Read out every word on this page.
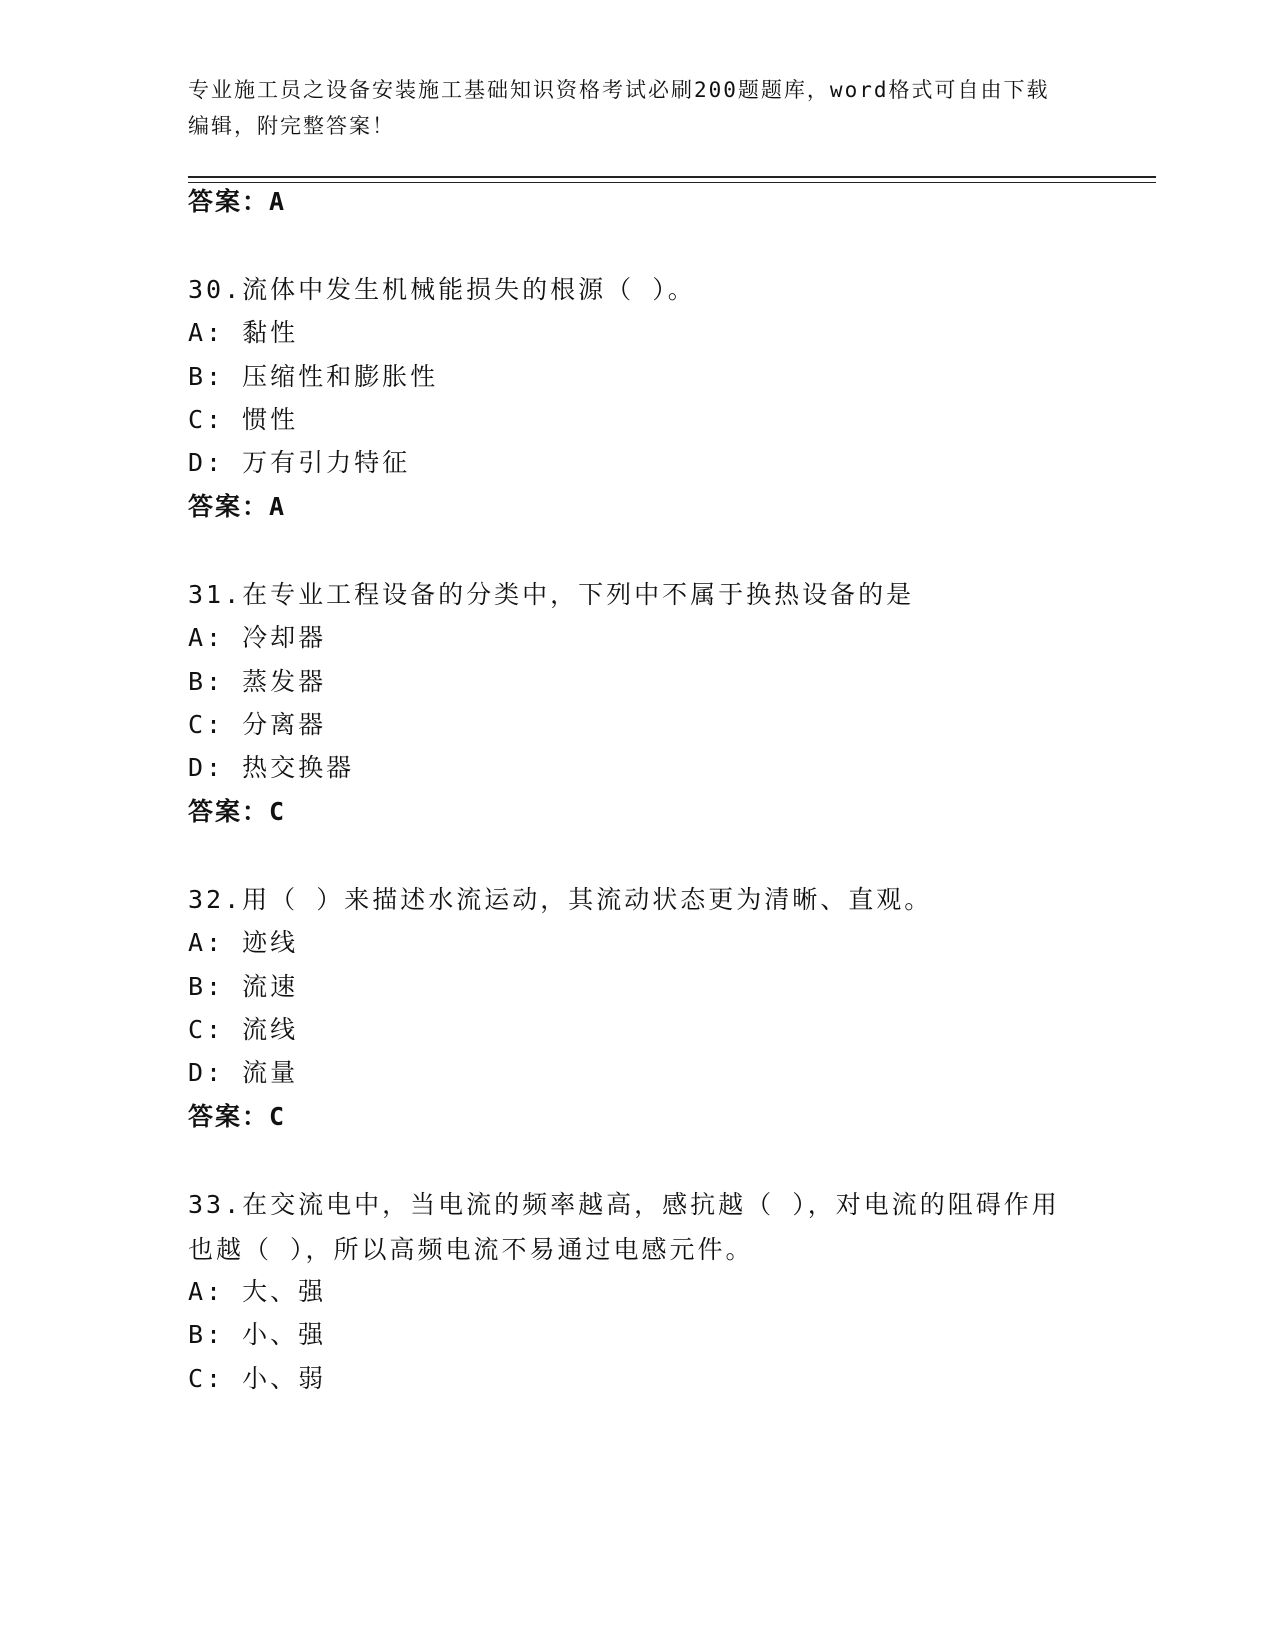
专业施工员之设备安装施工基础知识资格考试必刷200题题库，word格式可自由下载编辑，附完整答案！
答案：A
30.流体中发生机械能损失的根源（ ）。
A: 黏性
B: 压缩性和膨胀性
C: 惯性
D: 万有引力特征
答案：A
31.在专业工程设备的分类中，下列中不属于换热设备的是
A: 冷却器
B: 蒸发器
C: 分离器
D: 热交换器
答案：C
32.用（ ）来描述水流运动，其流动状态更为清晰、直观。
A: 迹线
B: 流速
C: 流线
D: 流量
答案：C
33.在交流电中，当电流的频率越高，感抗越（ ），对电流的阻碍作用也越（ ），所以高频电流不易通过电感元件。
A: 大、强
B: 小、强
C: 小、弱
